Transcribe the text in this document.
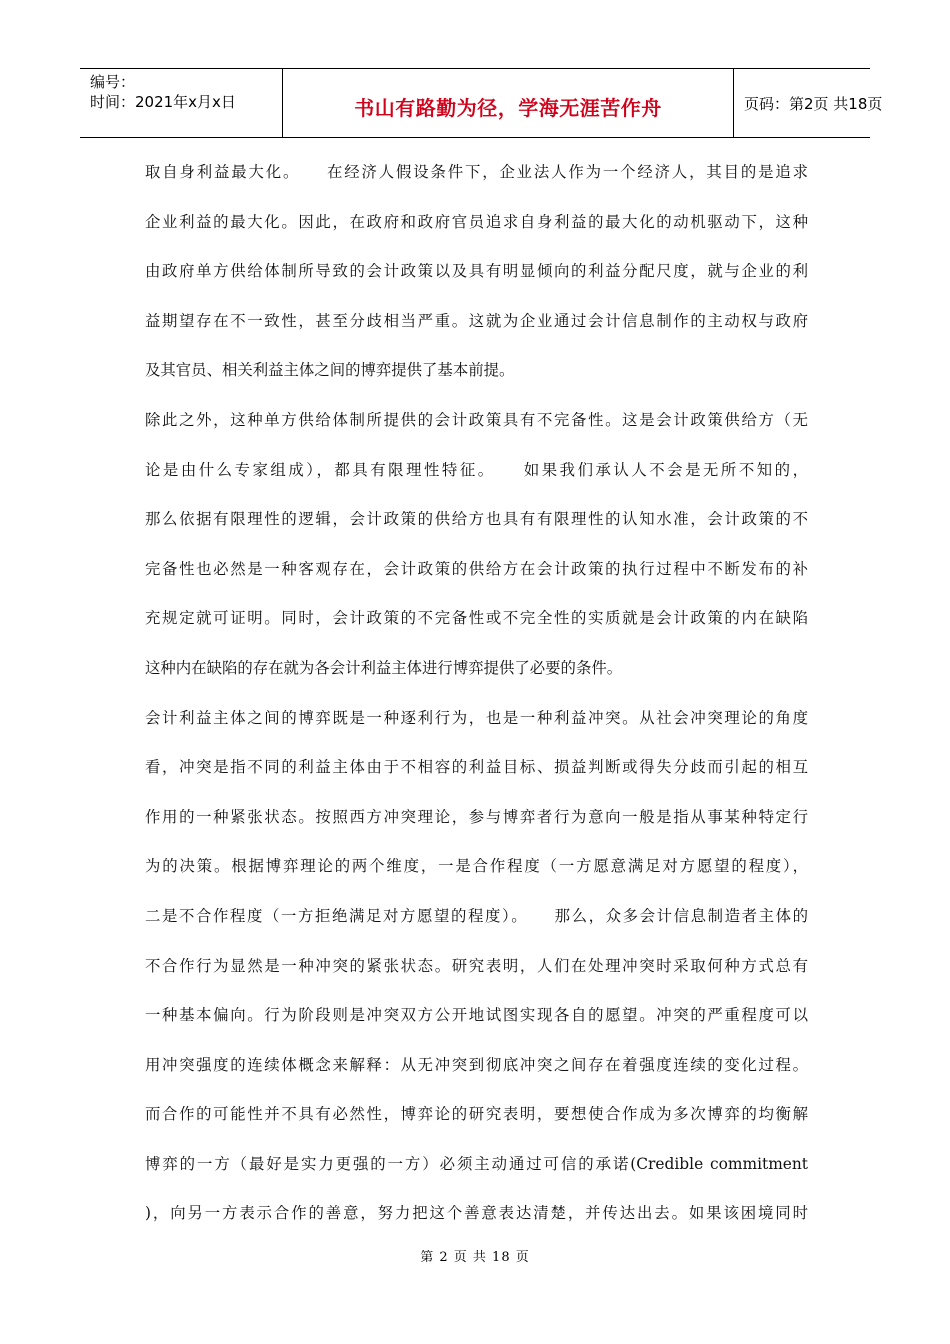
编号：
时间：2021年x月x日	书山有路勤为径，学海无涯苦作舟	页码：第2页 共18页
取自身利益最大化。　　在经济人假设条件下，企业法人作为一个经济人，其目的是追求
企业利益的最大化。因此，在政府和政府官员追求自身利益的最大化的动机驱动下，这种
由政府单方供给体制所导致的会计政策以及具有明显倾向的利益分配尺度，就与企业的利
益期望存在不一致性，甚至分歧相当严重。这就为企业通过会计信息制作的主动权与政府
及其官员、相关利益主体之间的博弈提供了基本前提。
除此之外，这种单方供给体制所提供的会计政策具有不完备性。这是会计政策供给方（无
论是由什么专家组成），都具有限理性特征。　　如果我们承认人不会是无所不知的，
那么依据有限理性的逻辑，会计政策的供给方也具有有限理性的认知水准，会计政策的不
完备性也必然是一种客观存在，会计政策的供给方在会计政策的执行过程中不断发布的补
充规定就可证明。同时，会计政策的不完备性或不完全性的实质就是会计政策的内在缺陷
这种内在缺陷的存在就为各会计利益主体进行博弈提供了必要的条件。
会计利益主体之间的博弈既是一种逐利行为，也是一种利益冲突。从社会冲突理论的角度
看，冲突是指不同的利益主体由于不相容的利益目标、损益判断或得失分歧而引起的相互
作用的一种紧张状态。按照西方冲突理论，参与博弈者行为意向一般是指从事某种特定行
为的决策。根据博弈理论的两个维度，一是合作程度（一方愿意满足对方愿望的程度），
二是不合作程度（一方拒绝满足对方愿望的程度）。　　那么，众多会计信息制造者主体的
不合作行为显然是一种冲突的紧张状态。研究表明，人们在处理冲突时采取何种方式总有
一种基本偏向。行为阶段则是冲突双方公开地试图实现各自的愿望。冲突的严重程度可以
用冲突强度的连续体概念来解释：从无冲突到彻底冲突之间存在着强度连续的变化过程。
而合作的可能性并不具有必然性，博弈论的研究表明，要想使合作成为多次博弈的均衡解
博弈的一方（最好是实力更强的一方）必须主动通过可信的承诺(Credible commitment
)，向另一方表示合作的善意，努力把这个善意表达清楚，并传达出去。如果该困境同时
第 2 页 共 18 页
